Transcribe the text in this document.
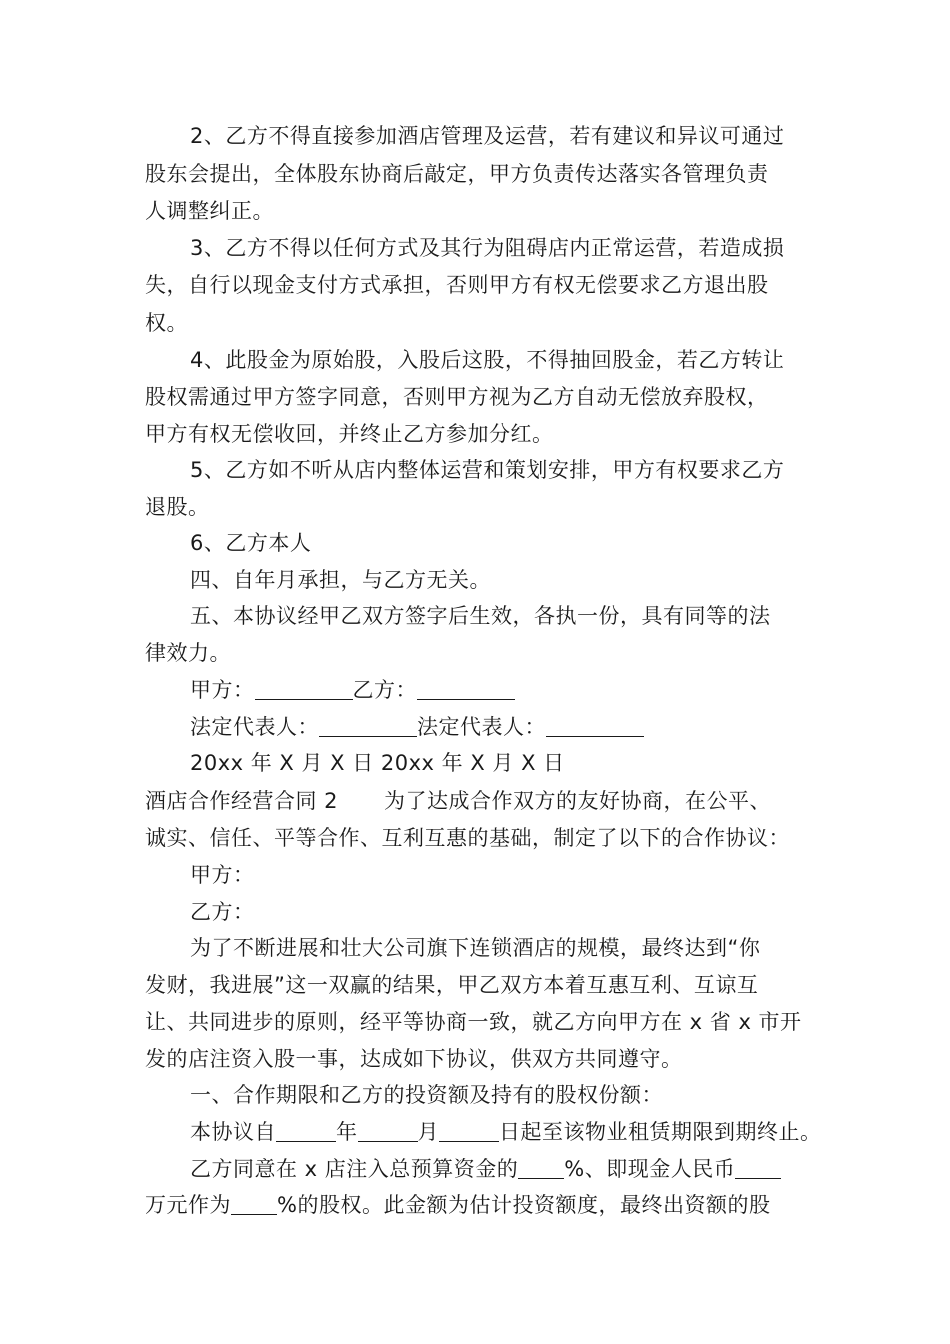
2、乙方不得直接参加酒店管理及运营，若有建议和异议可通过
股东会提出，全体股东协商后敲定，甲方负责传达落实各管理负责
人调整纠正。
3、乙方不得以任何方式及其行为阻碍店内正常运营，若造成损
失，自行以现金支付方式承担，否则甲方有权无偿要求乙方退出股
权。
4、此股金为原始股，入股后这股，不得抽回股金，若乙方转让
股权需通过甲方签字同意，否则甲方视为乙方自动无偿放弃股权，
甲方有权无偿收回，并终止乙方参加分红。
5、乙方如不听从店内整体运营和策划安排，甲方有权要求乙方
退股。
6、乙方本人
四、自年月承担，与乙方无关。
五、本协议经甲乙双方签字后生效，各执一份，具有同等的法
律效力。
甲方：	乙方：
法定代表人：	法定代表人：
20xx 年 X 月 X 日 20xx 年 X 月 X 日
酒店合作经营合同 2 为了达成合作双方的友好协商，在公平、
诚实、信任、平等合作、互利互惠的基础，制定了以下的合作协议：
甲方：
乙方：
为了不断进展和壮大公司旗下连锁酒店的规模，最终达到“你
发财，我进展”这一双赢的结果，甲乙双方本着互惠互利、互谅互
让、共同进步的原则，经平等协商一致，就乙方向甲方在 x 省 x 市开
发的店注资入股一事，达成如下协议，供双方共同遵守。
一、合作期限和乙方的投资额及持有的股权份额：
本协议自	年	月	日起至该物业租赁期限到期终止。
乙方同意在 x 店注入总预算资金的 %、即现金人民币
万元作为 %的股权。此金额为估计投资额度，最终出资额的股
